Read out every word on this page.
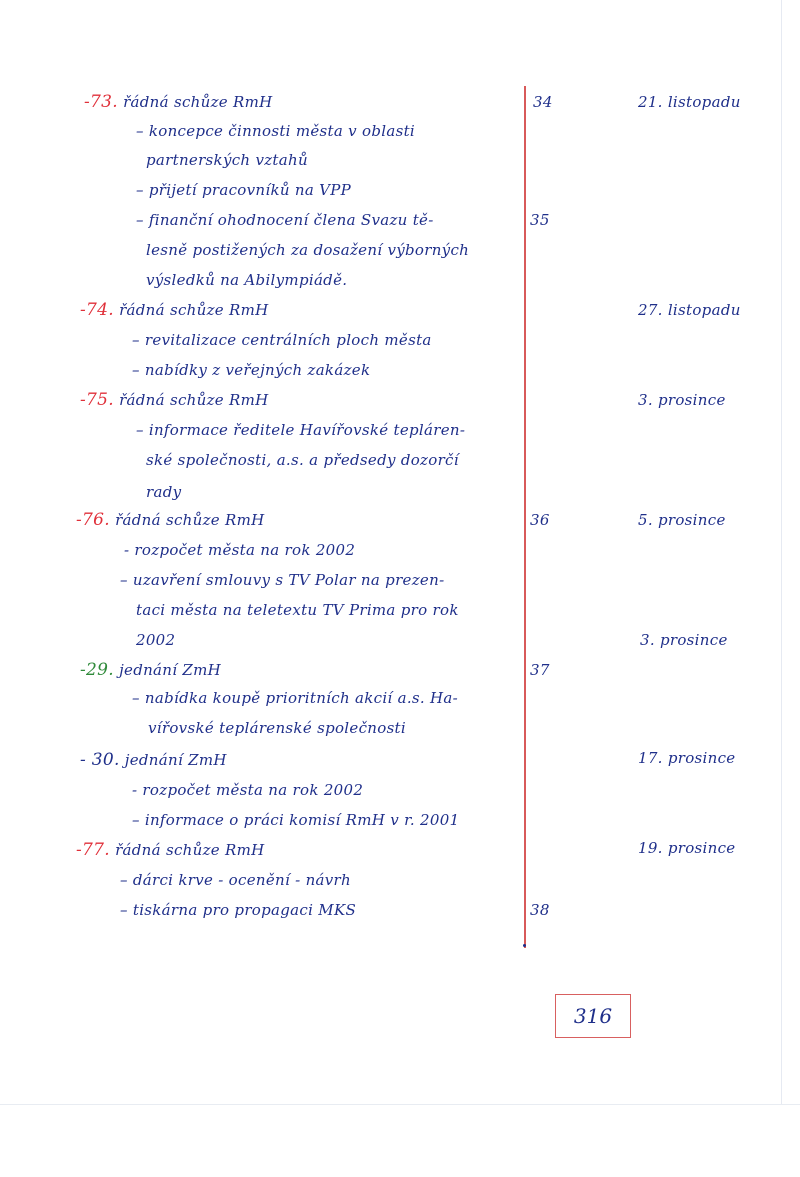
-73. řádná schůze RmH
– koncepce činnosti města v oblasti
partnerských vztahů
– přijetí pracovníků na VPP
– finanční ohodnocení člena Svazu tě-
lesně postižených za dosažení výborných
výsledků na Abilympiádě.
-74. řádná schůze RmH
– revitalizace centrálních ploch města
– nabídky z veřejných zakázek
-75. řádná schůze RmH
– informace ředitele Havířovské tepláren-
ské společnosti, a.s. a předsedy dozorčí
rady
-76. řádná schůze RmH
- rozpočet města na rok 2002
– uzavření smlouvy s TV Polar na prezen-
taci města na teletextu TV Prima pro rok
2002
-29. jednání ZmH
– nabídka koupě prioritních akcií a.s. Ha-
vířovské teplárenské společnosti
- 30. jednání ZmH
- rozpočet města na rok 2002
– informace o práci komisí RmH v r. 2001
-77. řádná schůze RmH
– dárci krve - ocenění - návrh
– tiskárna pro propagaci MKS
34
35
36
37
38
21. listopadu
27. listopadu
3. prosince
5. prosince
3. prosince
17. prosince
19. prosince
316
